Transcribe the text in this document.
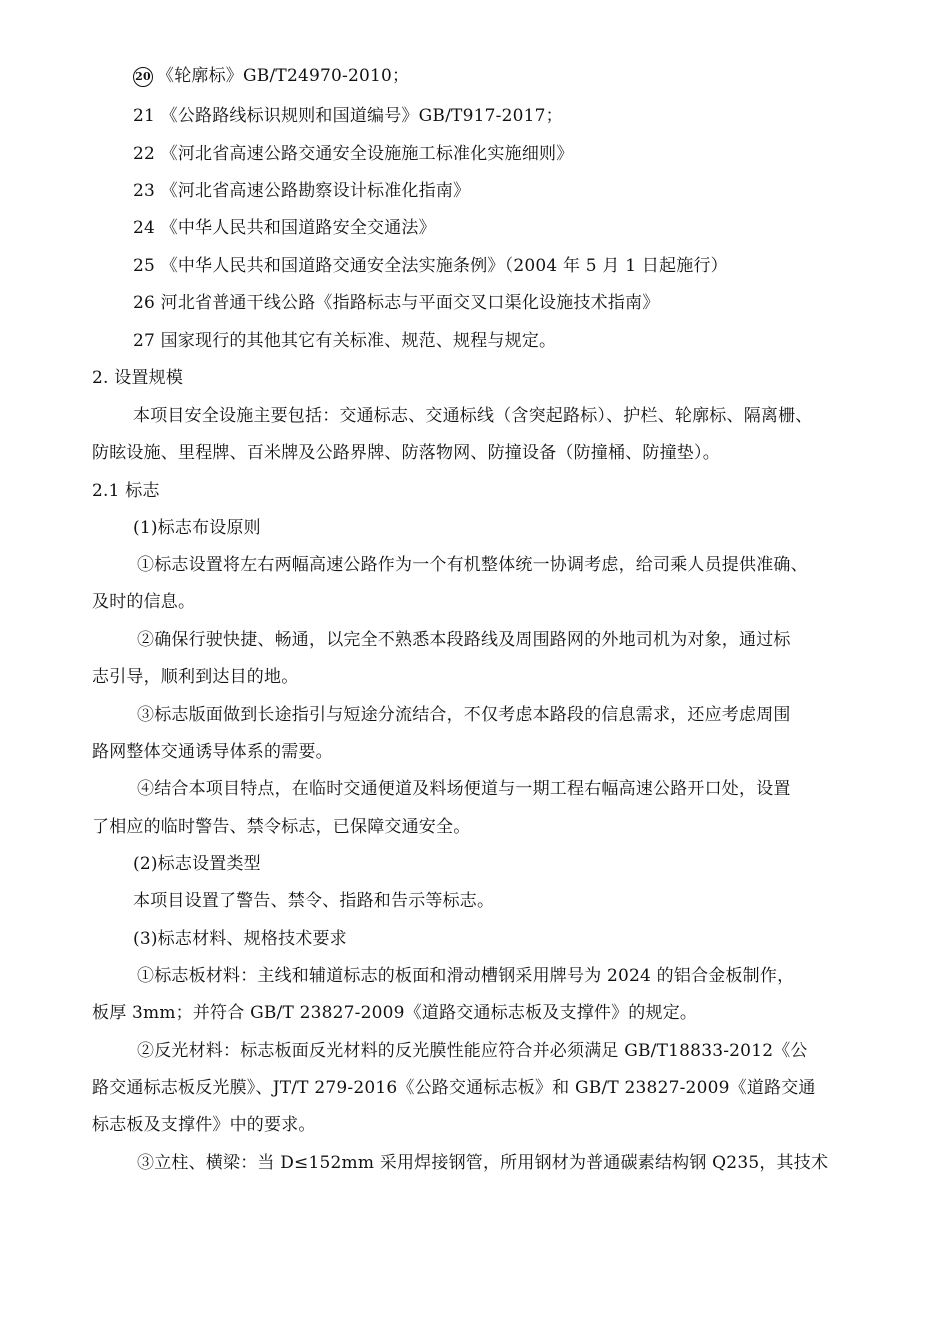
20 《轮廓标》GB/T24970-2010；
21 《公路路线标识规则和国道编号》GB/T917-2017；
22 《河北省高速公路交通安全设施施工标准化实施细则》
23 《河北省高速公路勘察设计标准化指南》
24 《中华人民共和国道路安全交通法》
25 《中华人民共和国道路交通安全法实施条例》（2004 年 5 月 1 日起施行）
26 河北省普通干线公路《指路标志与平面交叉口渠化设施技术指南》
27 国家现行的其他其它有关标准、规范、规程与规定。
2. 设置规模
本项目安全设施主要包括：交通标志、交通标线（含突起路标）、护栏、轮廓标、隔离栅、
防眩设施、里程牌、百米牌及公路界牌、防落物网、防撞设备（防撞桶、防撞垫）。
2.1 标志
(1)标志布设原则
①标志设置将左右两幅高速公路作为一个有机整体统一协调考虑，给司乘人员提供准确、
及时的信息。
②确保行驶快捷、畅通，以完全不熟悉本段路线及周围路网的外地司机为对象，通过标
志引导，顺利到达目的地。
③标志版面做到长途指引与短途分流结合，不仅考虑本路段的信息需求，还应考虑周围
路网整体交通诱导体系的需要。
④结合本项目特点，在临时交通便道及料场便道与一期工程右幅高速公路开口处，设置
了相应的临时警告、禁令标志，已保障交通安全。
(2)标志设置类型
本项目设置了警告、禁令、指路和告示等标志。
(3)标志材料、规格技术要求
①标志板材料：主线和辅道标志的板面和滑动槽钢采用牌号为 2024 的铝合金板制作，
板厚 3mm；并符合 GB/T 23827-2009《道路交通标志板及支撑件》的规定。
②反光材料：标志板面反光材料的反光膜性能应符合并必须满足 GB/T18833-2012《公
路交通标志板反光膜》、JT/T 279-2016《公路交通标志板》和 GB/T 23827-2009《道路交通
标志板及支撑件》中的要求。
③立柱、横梁：当 D≤152mm 采用焊接钢管，所用钢材为普通碳素结构钢 Q235，其技术
